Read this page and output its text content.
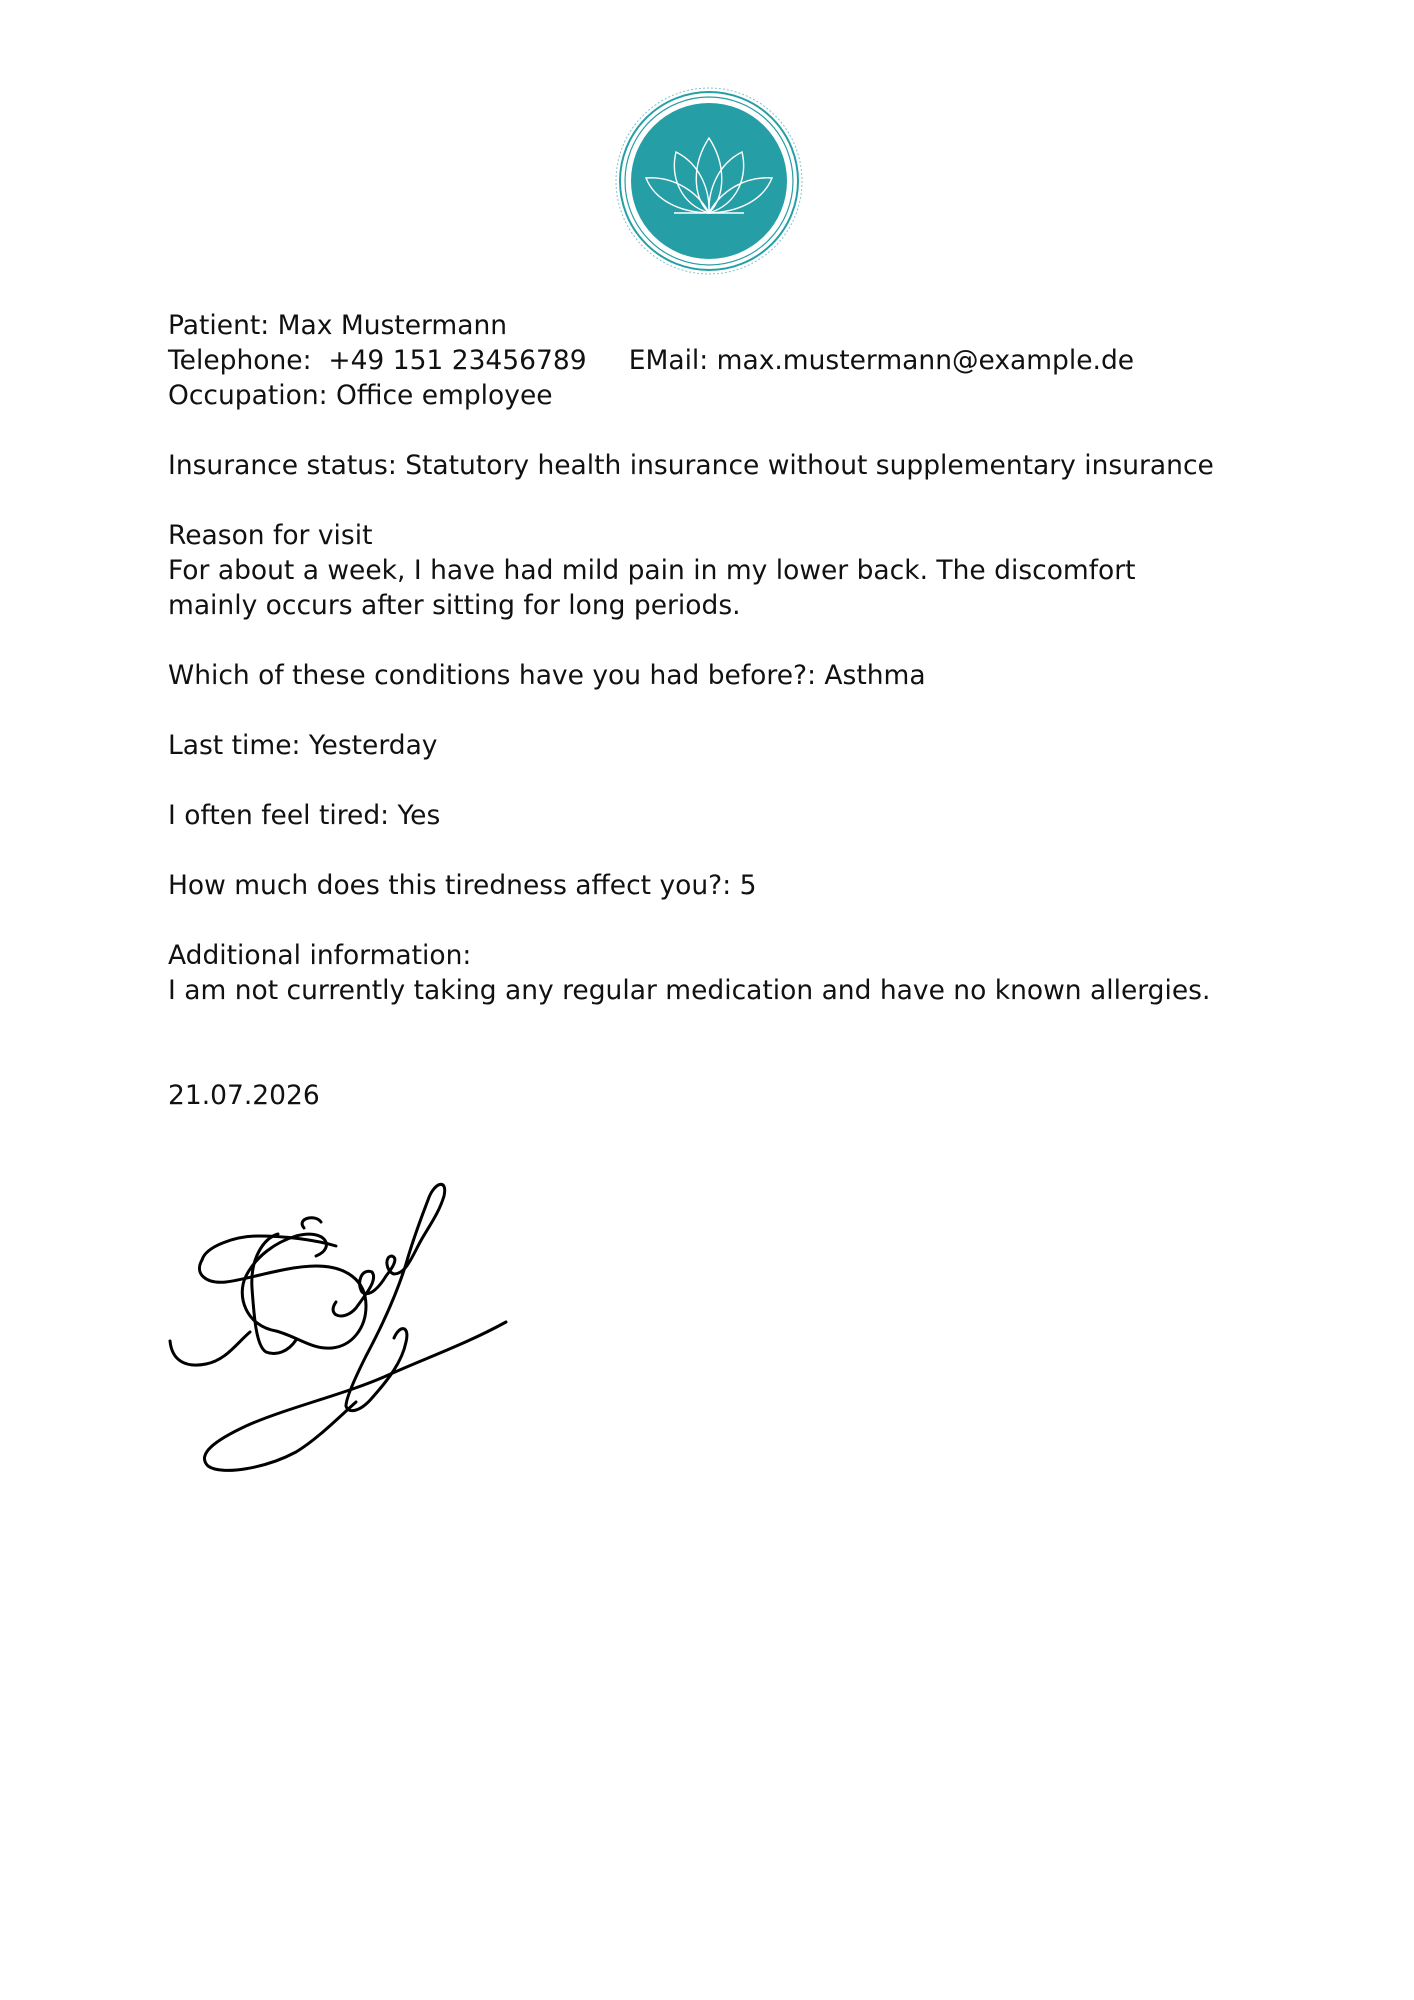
Patient: Max Mustermann

Telephone:  +49 151 23456789 EMail: max.mustermann@example.de

Occupation: Office employee

Insurance status: Statutory health insurance without supplementary insurance

Reason for visit

For about a week, I have had mild pain in my lower back. The discomfort

mainly occurs after sitting for long periods.

Which of these conditions have you had before?: Asthma

Last time: Yesterday

I often feel tired: Yes

How much does this tiredness affect you?: 5

Additional information:

I am not currently taking any regular medication and have no known allergies.

21.07.2026
